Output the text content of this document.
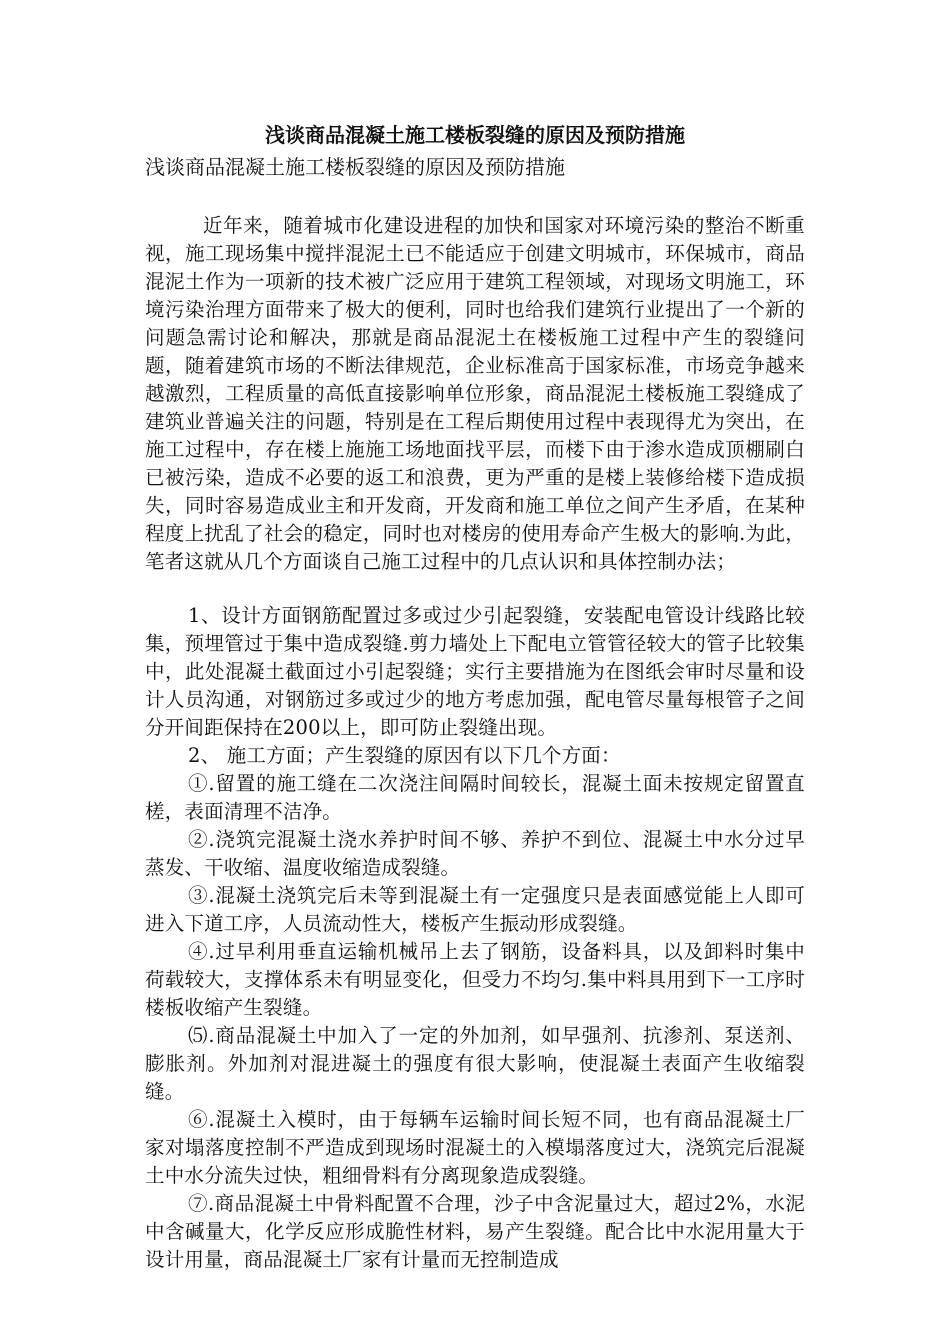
浅谈商品混凝土施工楼板裂缝的原因及预防措施

浅谈商品混凝土施工楼板裂缝的原因及预防措施

近年来，随着城市化建设进程的加快和国家对环境污染的整治不断重视，施工现场集中搅拌混泥土已不能适应于创建文明城市，环保城市，商品混泥土作为一项新的技术被广泛应用于建筑工程领域，对现场文明施工，环境污染治理方面带来了极大的便利，同时也给我们建筑行业提出了一个新的问题急需讨论和解决，那就是商品混泥土在楼板施工过程中产生的裂缝问题，随着建筑市场的不断法律规范，企业标准高于国家标准，市场竞争越来越激烈，工程质量的高低直接影响单位形象，商品混泥土楼板施工裂缝成了建筑业普遍关注的问题，特别是在工程后期使用过程中表现得尤为突出，在施工过程中，存在楼上施施工场地面找平层，而楼下由于渗水造成顶棚刷白已被污染，造成不必要的返工和浪费，更为严重的是楼上装修给楼下造成损失，同时容易造成业主和开发商，开发商和施工单位之间产生矛盾，在某种程度上扰乱了社会的稳定，同时也对楼房的使用寿命产生极大的影响.为此，笔者这就从几个方面谈自己施工过程中的几点认识和具体控制办法；

1、设计方面钢筋配置过多或过少引起裂缝，安装配电管设计线路比较集，预埋管过于集中造成裂缝.剪力墙处上下配电立管管径较大的管子比较集中，此处混凝土截面过小引起裂缝；实行主要措施为在图纸会审时尽量和设计人员沟通，对钢筋过多或过少的地方考虑加强，配电管尽量每根管子之间分开间距保持在200以上，即可防止裂缝出现。

2、 施工方面；产生裂缝的原因有以下几个方面：

①.留置的施工缝在二次浇注间隔时间较长，混凝土面未按规定留置直槎，表面清理不洁净。

②.浇筑完混凝土浇水养护时间不够、养护不到位、混凝土中水分过早蒸发、干收缩、温度收缩造成裂缝。

③.混凝土浇筑完后未等到混凝土有一定强度只是表面感觉能上人即可进入下道工序，人员流动性大，楼板产生振动形成裂缝。

④.过早利用垂直运输机械吊上去了钢筋，设备料具，以及卸料时集中荷载较大，支撑体系未有明显变化，但受力不均匀.集中料具用到下一工序时楼板收缩产生裂缝。

⑸.商品混凝土中加入了一定的外加剂，如早强剂、抗渗剂、泵送剂、膨胀剂。外加剂对混进凝土的强度有很大影响，使混凝土表面产生收缩裂缝。

⑥.混凝土入模时，由于每辆车运输时间长短不同，也有商品混凝土厂家对塌落度控制不严造成到现场时混凝土的入模塌落度过大，浇筑完后混凝土中水分流失过快，粗细骨料有分离现象造成裂缝。

⑦.商品混凝土中骨料配置不合理，沙子中含泥量过大，超过2%，水泥中含碱量大，化学反应形成脆性材料，易产生裂缝。配合比中水泥用量大于设计用量，商品混凝土厂家有计量而无控制造成
